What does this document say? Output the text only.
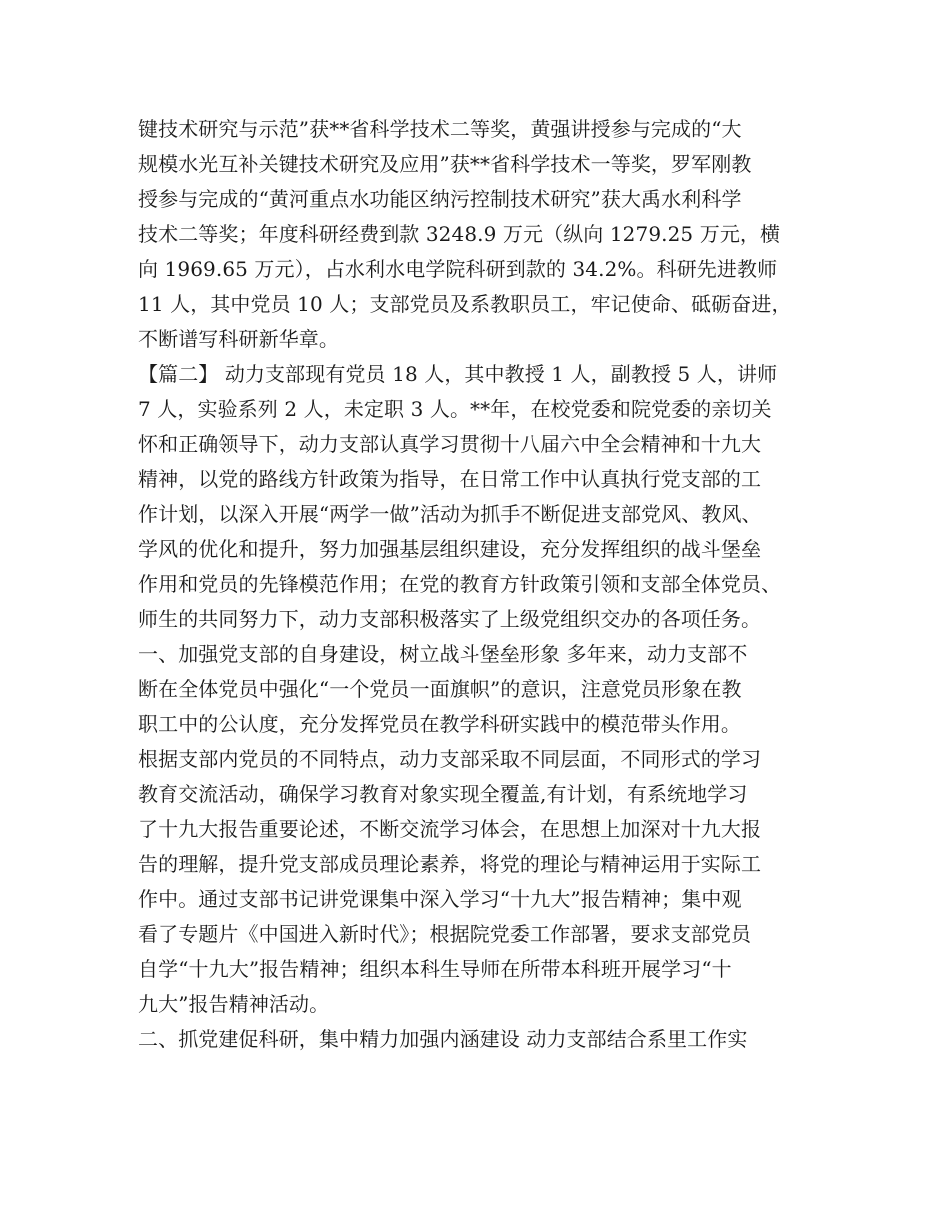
键技术研究与示范”获**省科学技术二等奖，黄强讲授参与完成的“大
规模水光互补关键技术研究及应用”获**省科学技术一等奖，罗军刚教
授参与完成的“黄河重点水功能区纳污控制技术研究”获大禹水利科学
技术二等奖；年度科研经费到款 3248.9 万元（纵向 1279.25 万元，横
向 1969.65 万元），占水利水电学院科研到款的 34.2%。科研先进教师
11 人，其中党员 10 人；支部党员及系教职员工，牢记使命、砥砺奋进，
不断谱写科研新华章。
【篇二】 动力支部现有党员 18 人，其中教授 1 人，副教授 5 人，讲师
7 人，实验系列 2 人，未定职 3 人。**年，在校党委和院党委的亲切关
怀和正确领导下，动力支部认真学习贯彻十八届六中全会精神和十九大
精神，以党的路线方针政策为指导，在日常工作中认真执行党支部的工
作计划，以深入开展“两学一做”活动为抓手不断促进支部党风、教风、
学风的优化和提升，努力加强基层组织建设，充分发挥组织的战斗堡垒
作用和党员的先锋模范作用；在党的教育方针政策引领和支部全体党员、
师生的共同努力下，动力支部积极落实了上级党组织交办的各项任务。
一、加强党支部的自身建设，树立战斗堡垒形象 多年来，动力支部不
断在全体党员中强化“一个党员一面旗帜”的意识，注意党员形象在教
职工中的公认度，充分发挥党员在教学科研实践中的模范带头作用。
根据支部内党员的不同特点，动力支部采取不同层面，不同形式的学习
教育交流活动，确保学习教育对象实现全覆盖,有计划，有系统地学习
了十九大报告重要论述，不断交流学习体会，在思想上加深对十九大报
告的理解，提升党支部成员理论素养，将党的理论与精神运用于实际工
作中。通过支部书记讲党课集中深入学习“十九大”报告精神；集中观
看了专题片《中国进入新时代》；根据院党委工作部署，要求支部党员
自学“十九大”报告精神；组织本科生导师在所带本科班开展学习“十
九大”报告精神活动。
二、抓党建促科研，集中精力加强内涵建设 动力支部结合系里工作实
